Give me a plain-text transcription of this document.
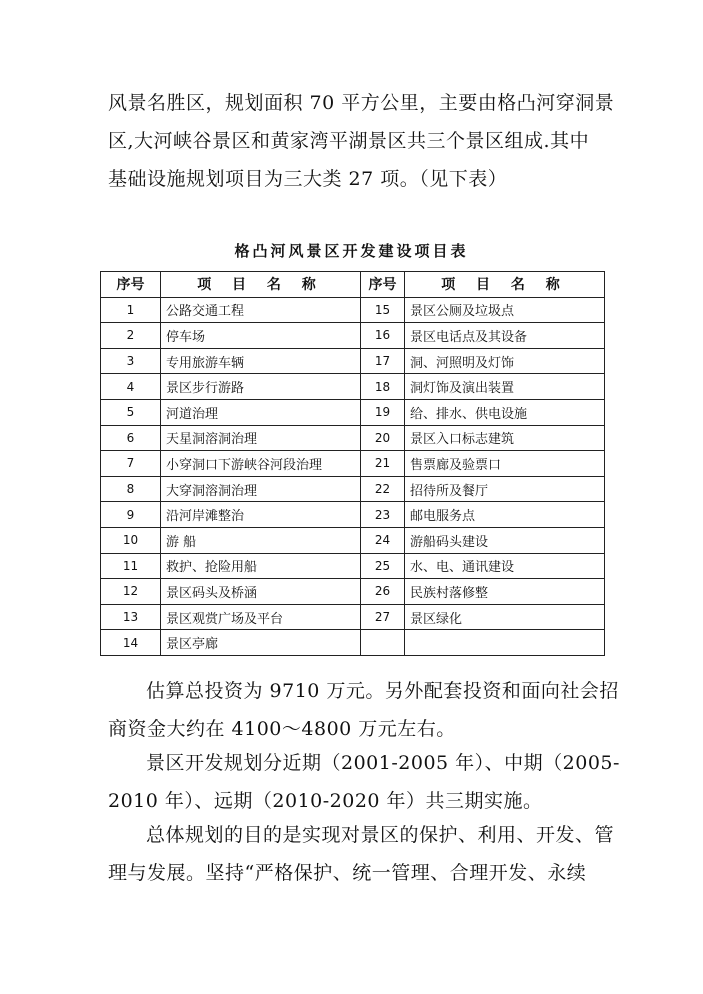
风景名胜区，规划面积 70 平方公里，主要由格凸河穿洞景
区,大河峡谷景区和黄家湾平湖景区共三个景区组成.其中
基础设施规划项目为三大类 27 项。（见下表）
格凸河风景区开发建设项目表
序号	项 目 名 称	序号	项 目 名 称
1	公路交通工程	15	景区公厕及垃圾点
2	停车场	16	景区电话点及其设备
3	专用旅游车辆	17	洞、河照明及灯饰
4	景区步行游路	18	洞灯饰及演出装置
5	河道治理	19	给、排水、供电设施
6	天星洞溶洞治理	20	景区入口标志建筑
7	小穿洞口下游峡谷河段治理	21	售票廊及验票口
8	大穿洞溶洞治理	22	招待所及餐厅
9	沿河岸滩整治	23	邮电服务点
10	游 船	24	游船码头建设
11	救护、抢险用船	25	水、电、通讯建设
12	景区码头及桥涵	26	民族村落修整
13	景区观赏广场及平台	27	景区绿化
14	景区亭廊		
估算总投资为 9710 万元。另外配套投资和面向社会招
商资金大约在 4100～4800 万元左右。
景区开发规划分近期（2001-2005 年）、中期（2005-
2010 年）、远期（2010-2020 年）共三期实施。
总体规划的目的是实现对景区的保护、利用、开发、管
理与发展。坚持“严格保护、统一管理、合理开发、永续
